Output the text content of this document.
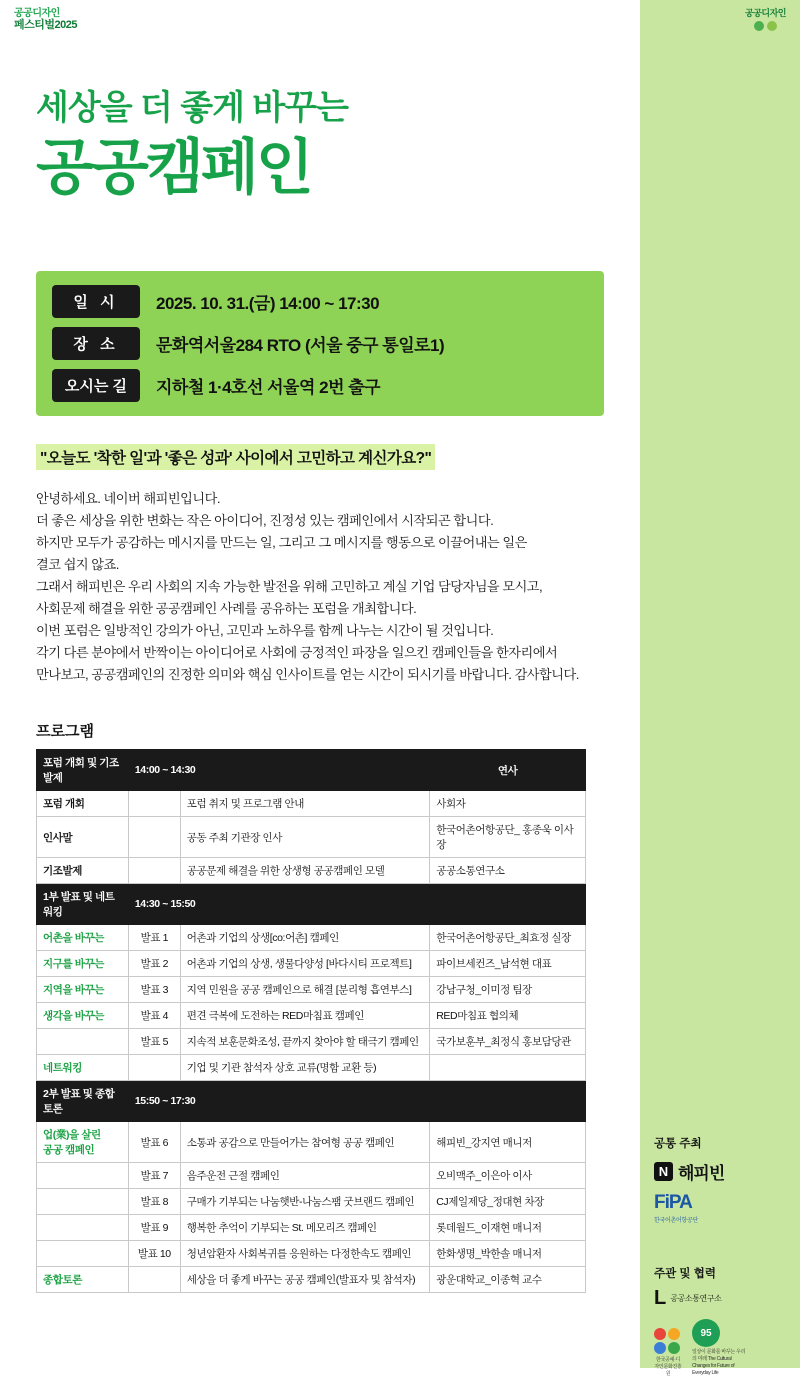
공공디자인
페스티벌2025
세상을 더 좋게 바꾸는
공공캠페인
일 시	2025. 10. 31.(금) 14:00 ~ 17:30
장 소	문화역서울284 RTO (서울 중구 통일로1)
오시는 길	지하철 1·4호선 서울역 2번 출구
"오늘도 '착한 일'과 '좋은 성과' 사이에서 고민하고 계신가요?"

안녕하세요. 네이버 해피빈입니다.

더 좋은 세상을 위한 변화는 작은 아이디어, 진정성 있는 캠페인에서 시작되곤 합니다.

하지만 모두가 공감하는 메시지를 만드는 일, 그리고 그 메시지를 행동으로 이끌어내는 일은

결코 쉽지 않죠.

그래서 해피빈은 우리 사회의 지속 가능한 발전을 위해 고민하고 계실 기업 담당자님을 모시고,

사회문제 해결을 위한 공공캠페인 사례를 공유하는 포럼을 개최합니다.

이번 포럼은 일방적인 강의가 아닌, 고민과 노하우를 함께 나누는 시간이 될 것입니다.

각기 다른 분야에서 반짝이는 아이디어로 사회에 긍정적인 파장을 일으킨 캠페인들을 한자리에서

만나보고, 공공캠페인의 진정한 의미와 핵심 인사이트를 얻는 시간이 되시기를 바랍니다. 감사합니다.

프로그램
포럼 개회 및 기조발제	14:00 ~ 14:30		연사
포럼 개회		포럼 취지 및 프로그램 안내	사회자
인사말		공동 주최 기관장 인사	한국어촌어항공단_ 홍종욱 이사장
기조발제		공공문제 해결을 위한 상생형 공공캠페인 모델	공공소통연구소
1부 발표 및 네트워킹	14:30 ~ 15:50		
어촌을 바꾸는	발표 1	어촌과 기업의 상생[co:어촌] 캠페인	한국어촌어항공단_최효정 실장
지구를 바꾸는	발표 2	어촌과 기업의 상생, 생물다양성 [바다시티 프로젝트]	파이브세컨즈_남석현 대표
지역을 바꾸는	발표 3	지역 민원을 공공 캠페인으로 해결 [분리형 흡연부스]	강남구청_이미정 팀장
생각을 바꾸는	발표 4	편견 극복에 도전하는 RED마침표 캠페인	RED마침표 협의체
	발표 5	지속적 보훈문화조성, 끝까지 찾아야 할 태극기 캠페인	국가보훈부_최정식 홍보담당관
네트워킹		기업 및 기관 참석자 상호 교류(명함 교환 등)	
2부 발표 및 종합토론	15:50 ~ 17:30		
업(業)을 살린
공공 캠페인	발표 6	소통과 공감으로 만들어가는 참여형 공공 캠페인	해피빈_강지연 매니저
	발표 7	음주운전 근절 캠페인	오비맥주_이은아 이사
	발표 8	구매가 기부되는 나눔햇반-나눔스팸 굿브랜드 캠페인	CJ제일제당_정대현 차장
	발표 9	행복한 추억이 기부되는 St. 메모리즈 캠페인	롯데월드_이재현 매니저
	발표 10	청년암환자 사회복귀를 응원하는 다정한속도 캠페인	한화생명_박한솔 매니저
종합토론		세상을 더 좋게 바꾸는 공공 캠페인(발표자 및 참석자)	광운대학교_이종혁 교수
공공디자인
공통 주최
N 해피빈
FiPA
한국어촌어항공단
주관 및 협력
L 공공소통연구소
한국공예·디자인문화진흥원
95
일상이 문화를 바꾸는 우리의 미래 The Cultural Changes for Future of Everyday Life
